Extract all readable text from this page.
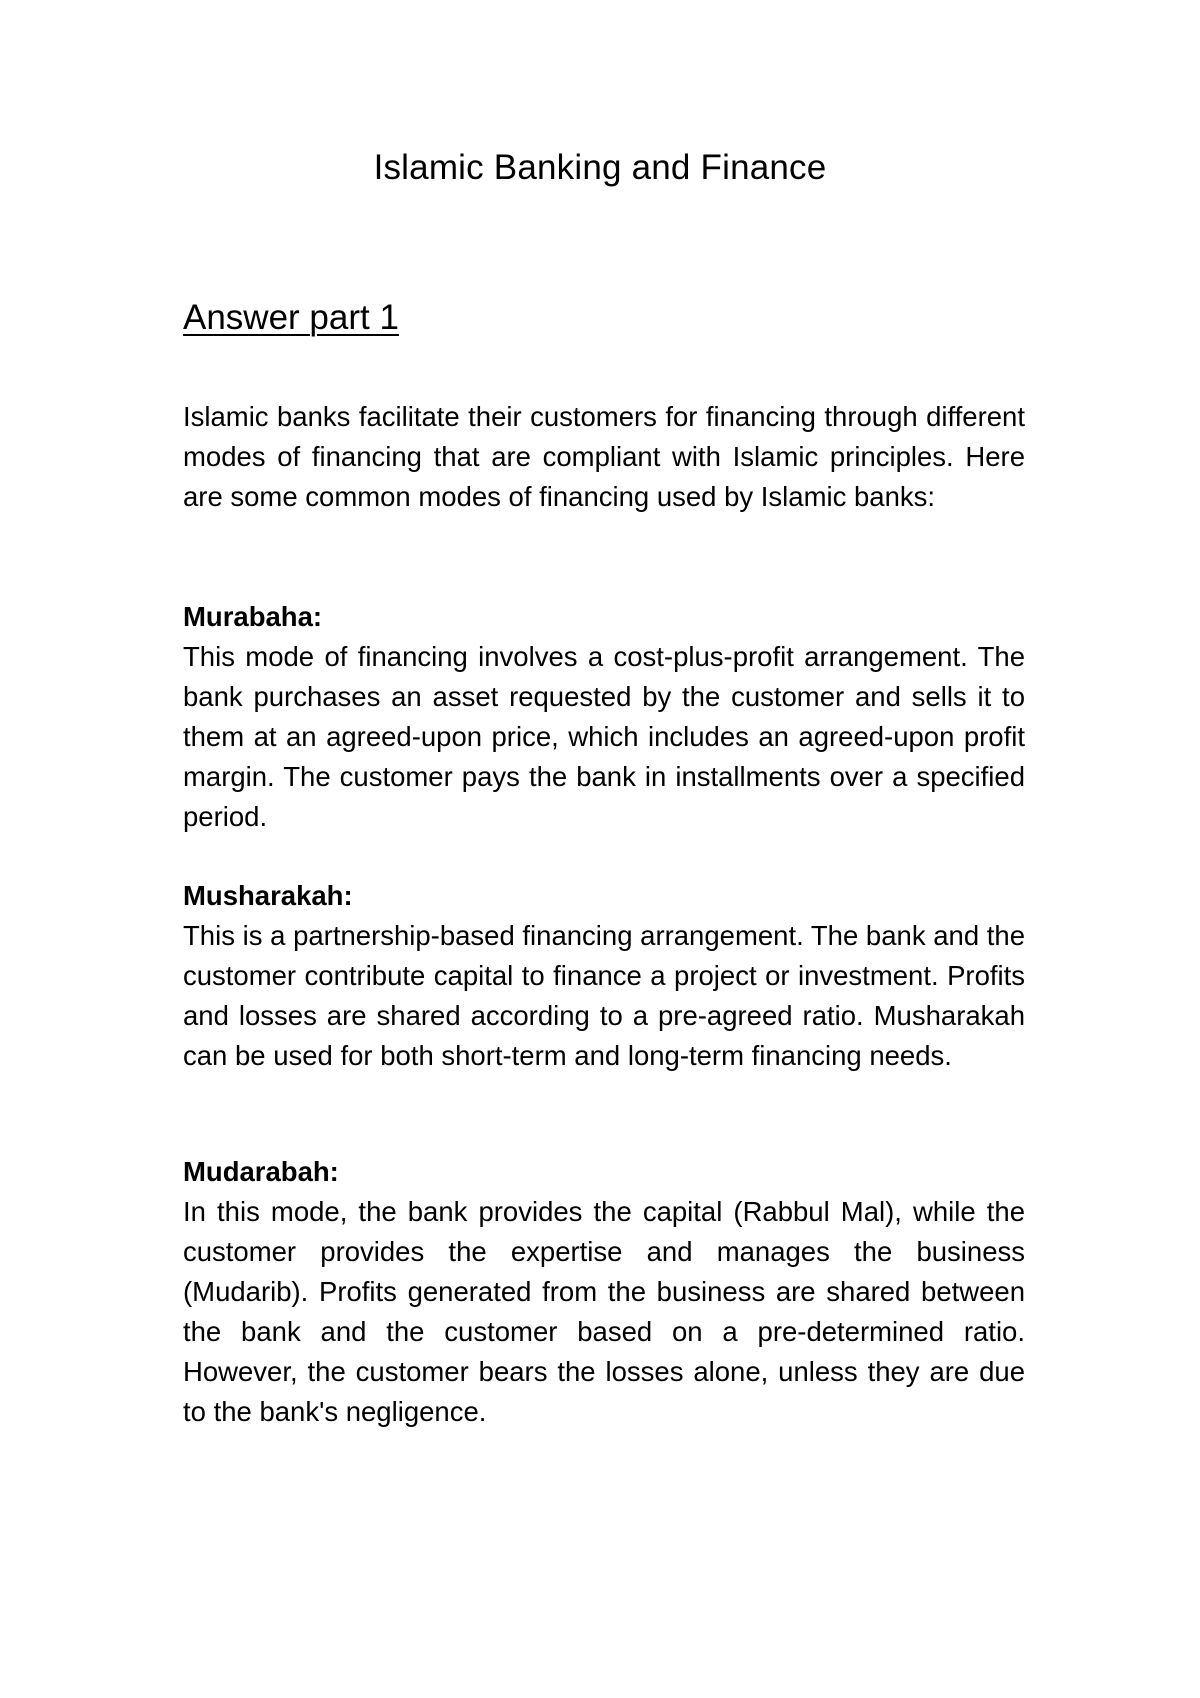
Islamic Banking and Finance
Answer part 1

Islamic banks facilitate their customers for financing through different modes of financing that are compliant with Islamic principles. Here are some common modes of financing used by Islamic banks:

Murabaha:

This mode of financing involves a cost-plus-profit arrangement. The bank purchases an asset requested by the customer and sells it to them at an agreed-upon price, which includes an agreed-upon profit margin. The customer pays the bank in installments over a specified period.

Musharakah:

This is a partnership-based financing arrangement. The bank and the customer contribute capital to finance a project or investment. Profits and losses are shared according to a pre-agreed ratio. Musharakah can be used for both short-term and long-term financing needs.

Mudarabah:

In this mode, the bank provides the capital (Rabbul Mal), while the customer provides the expertise and manages the business (Mudarib). Profits generated from the business are shared between the bank and the customer based on a pre-determined ratio. However, the customer bears the losses alone, unless they are due to the bank's negligence.
